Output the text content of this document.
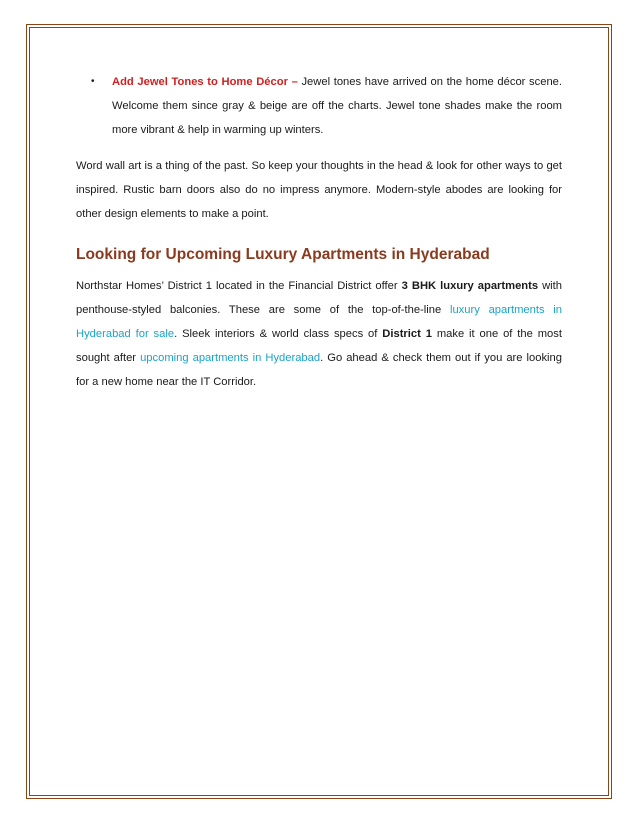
• Add Jewel Tones to Home Décor – Jewel tones have arrived on the home décor scene. Welcome them since gray & beige are off the charts. Jewel tone shades make the room more vibrant & help in warming up winters.

Word wall art is a thing of the past. So keep your thoughts in the head & look for other ways to get inspired. Rustic barn doors also do no impress anymore. Modern-style abodes are looking for other design elements to make a point.

Looking for Upcoming Luxury Apartments in Hyderabad

Northstar Homes’ District 1 located in the Financial District offer 3 BHK luxury apartments with penthouse-styled balconies. These are some of the top-of-the-line luxury apartments in Hyderabad for sale. Sleek interiors & world class specs of District 1 make it one of the most sought after upcoming apartments in Hyderabad. Go ahead & check them out if you are looking for a new home near the IT Corridor.
